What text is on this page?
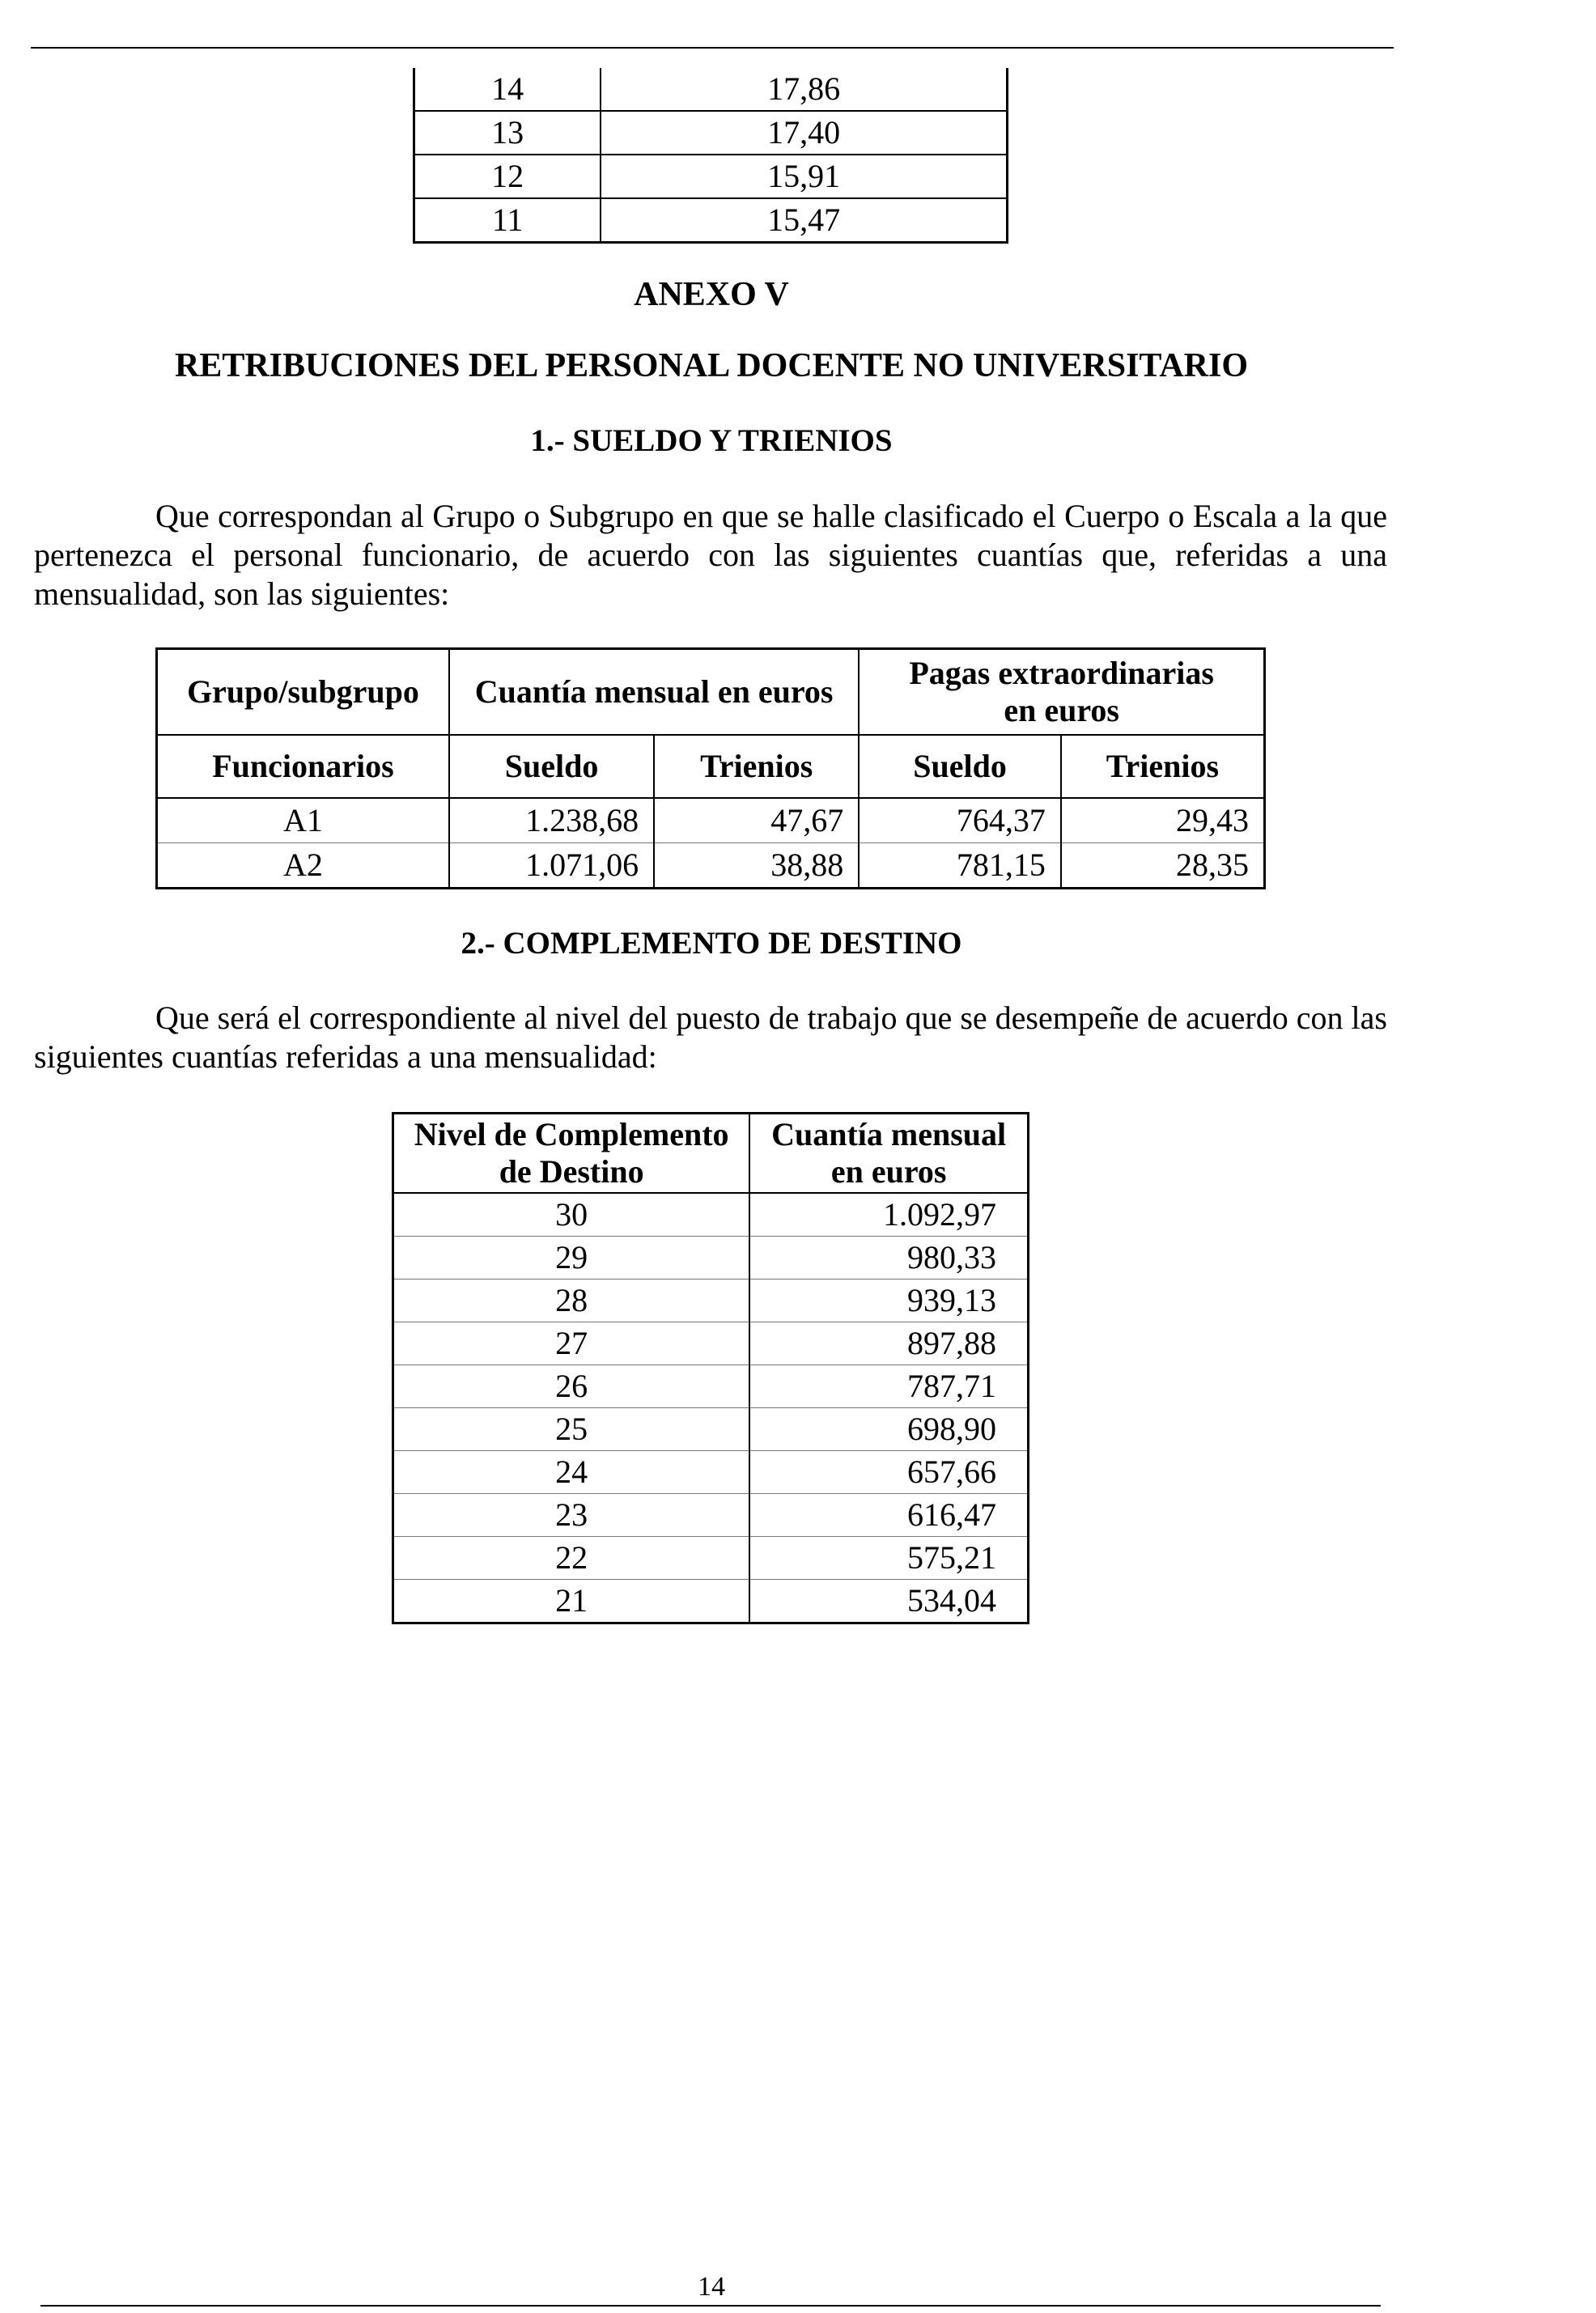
14	17,86
13	17,40
12	15,91
11	15,47
ANEXO V
RETRIBUCIONES DEL PERSONAL DOCENTE NO UNIVERSITARIO
1.- SUELDO Y TRIENIOS

Que correspondan al Grupo o Subgrupo en que se halle clasificado el Cuerpo o Escala a la que pertenezca el personal funcionario, de acuerdo con las siguientes cuantías que, referidas a una mensualidad, son las siguientes:

Grupo/subgrupo	Cuantía mensual en euros		Pagas extraordinarias en euros	
Funcionarios	Sueldo	Trienios	Sueldo	Trienios
A1	1.238,68	47,67	764,37	29,43
A2	1.071,06	38,88	781,15	28,35
2.- COMPLEMENTO DE DESTINO

Que será el correspondiente al nivel del puesto de trabajo que se desempeñe de acuerdo con las siguientes cuantías referidas a una mensualidad:

Nivel de Complemento de Destino	Cuantía mensual en euros
30	1.092,97
29	980,33
28	939,13
27	897,88
26	787,71
25	698,90
24	657,66
23	616,47
22	575,21
21	534,04
14
